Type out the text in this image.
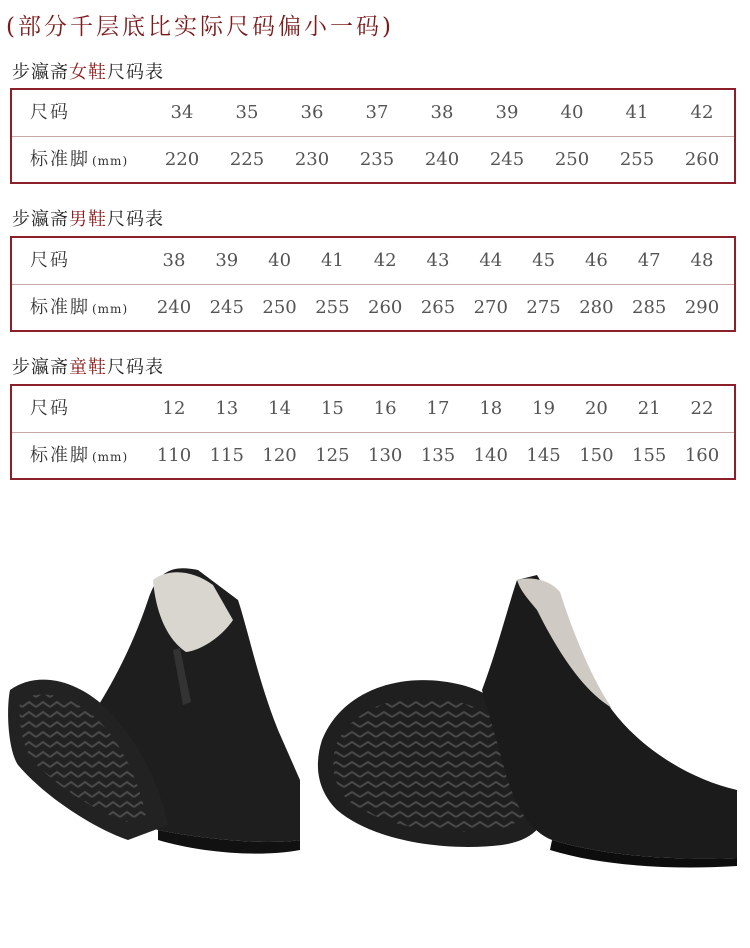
(部分千层底比实际尺码偏小一码)
步瀛斋女鞋尺码表
尺码	34	35	36	37	38	39	40	41	42
标准脚 (mm)	220	225	230	235	240	245	250	255	260
步瀛斋男鞋尺码表
尺码	38	39	40	41	42	43	44	45	46	47	48
标准脚 (mm)	240	245	250	255	260	265	270	275	280	285	290
步瀛斋童鞋尺码表
尺码	12	13	14	15	16	17	18	19	20	21	22
标准脚 (mm)	110	115	120	125	130	135	140	145	150	155	160
